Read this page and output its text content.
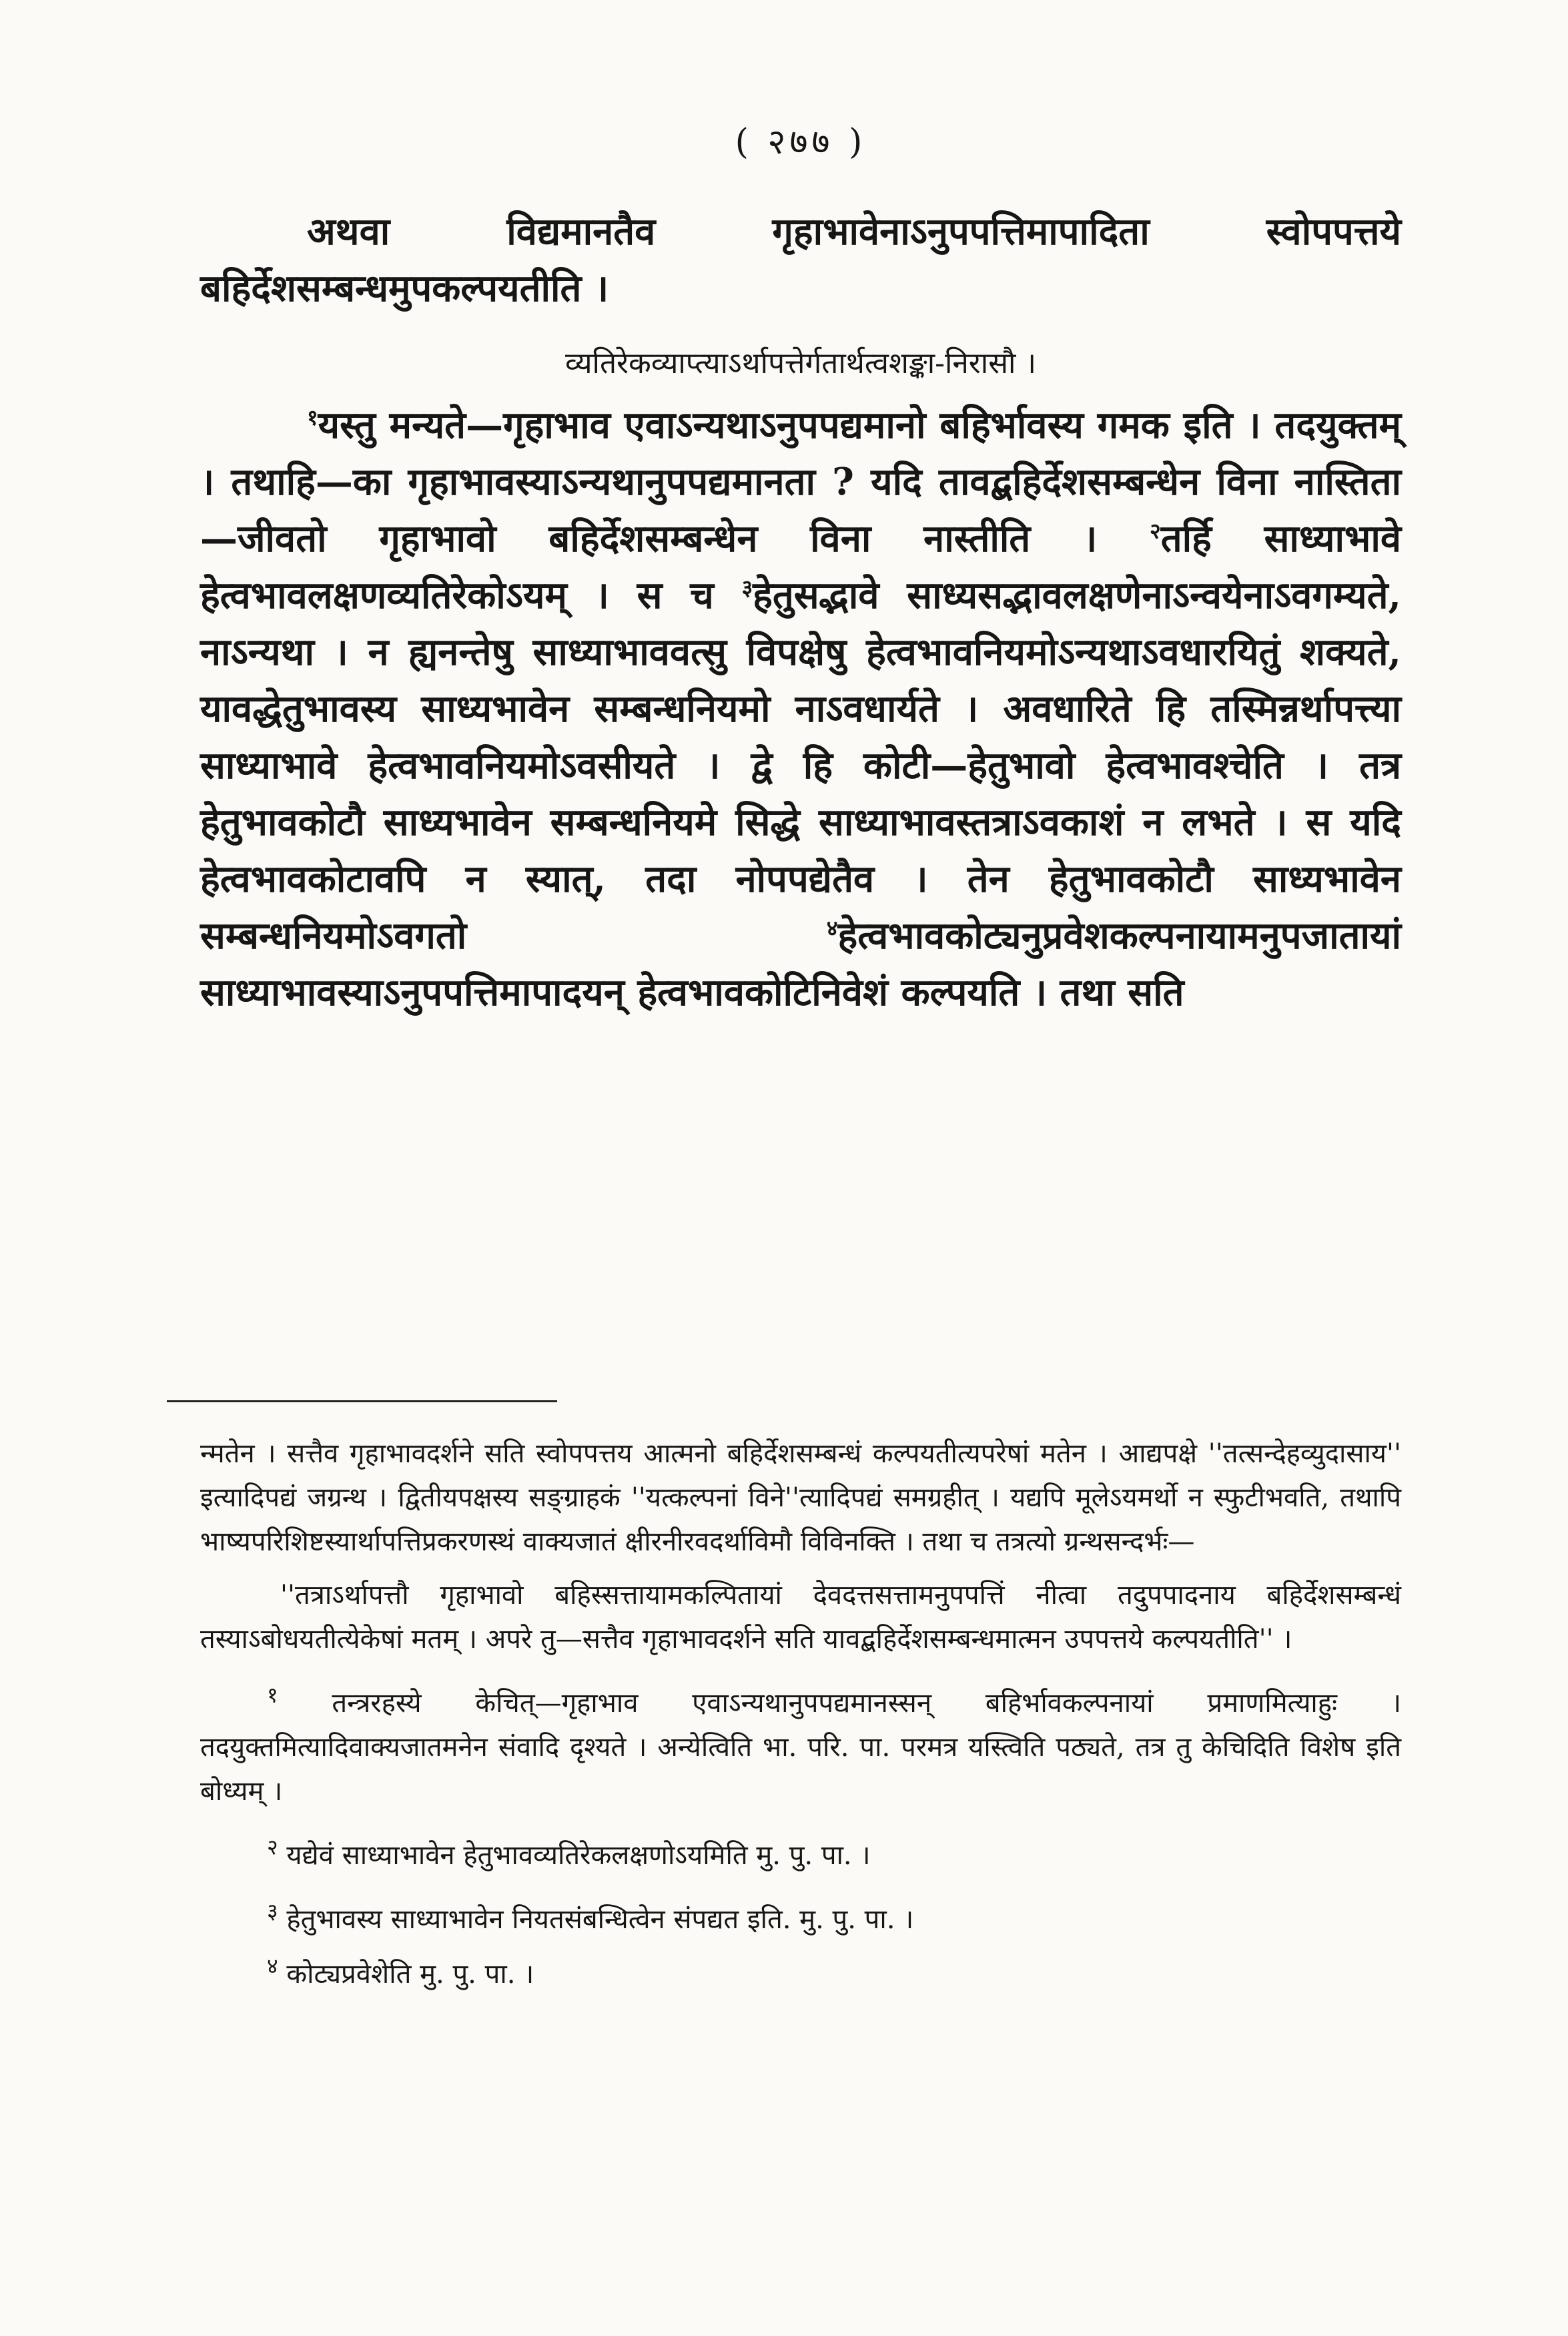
( २७७ )

अथवा विद्यमानतैव गृहाभावेनाऽनुपपत्तिमापादिता स्वोपपत्तये बहिर्देशसम्बन्धमुपकल्पयतीति ।

व्यतिरेकव्याप्त्याऽर्थापत्तेर्गतार्थत्वशङ्का-निरासौ ।

$^१$यस्तु मन्यते—गृहाभाव एवाऽन्यथाऽनुपपद्यमानो बहिर्भावस्य गमक इति । तदयुक्तम् । तथाहि—का गृहाभावस्याऽन्यथानुपपद्यमानता ? यदि तावद्बहिर्देशसम्बन्धेन विना नास्तिता—जीवतो गृहाभावो बहिर्देशसम्बन्धेन विना नास्तीति । $^२$तर्हि साध्याभावे हेत्वभावलक्षणव्यतिरेकोऽयम् । स च $^३$हेतुसद्भावे साध्यसद्भावलक्षणेनाऽन्वयेनाऽवगम्यते, नाऽन्यथा । न ह्यनन्तेषु साध्याभाववत्सु विपक्षेषु हेत्वभावनियमोऽन्यथाऽवधारयितुं शक्यते, यावद्धेतुभावस्य साध्यभावेन सम्बन्धनियमो नाऽवधार्यते । अवधारिते हि तस्मिन्नर्थापत्त्या साध्याभावे हेत्वभावनियमोऽवसीयते । द्वे हि कोटी—हेतुभावो हेत्वभावश्चेति । तत्र हेतुभावकोटौ साध्यभावेन सम्बन्धनियमे सिद्धे साध्याभावस्तत्राऽवकाशं न लभते । स यदि हेत्वभावकोटावपि न स्यात्, तदा नोपपद्येतैव । तेन हेतुभावकोटौ साध्यभावेन सम्बन्धनियमोऽवगतो	$^४$हेत्वभावकोट्यनुप्रवेशकल्पनायामनुपजातायां साध्याभावस्याऽनुपपत्तिमापादयन् हेत्वभावकोटिनिवेशं कल्पयति । तथा सति

न्मतेन । सत्तैव गृहाभावदर्शने सति स्वोपपत्तय आत्मनो बहिर्देशसम्बन्धं कल्पयतीत्यपरेषां मतेन । आद्यपक्षे ''तत्सन्देहव्युदासाय'' इत्यादिपद्यं जग्रन्थ । द्वितीयपक्षस्य सङ्ग्राहकं ''यत्कल्पनां विने''त्यादिपद्यं समग्रहीत् । यद्यपि मूलेऽयमर्थो न स्फुटीभवति, तथापि भाष्यपरिशिष्टस्यार्थापत्तिप्रकरणस्थं वाक्यजातं क्षीरनीरवदर्थाविमौ विविनक्ति । तथा च तत्रत्यो ग्रन्थसन्दर्भः—

''तत्राऽर्थापत्तौ गृहाभावो बहिस्सत्तायामकल्पितायां देवदत्तसत्तामनुपपत्तिं नीत्वा तदुपपादनाय बहिर्देशसम्बन्धं तस्याऽबोधयतीत्येकेषां मतम् । अपरे तु—सत्तैव गृहाभावदर्शने सति यावद्बहिर्देशसम्बन्धमात्मन उपपत्तये कल्पयतीति'' ।

$^१$ तन्त्ररहस्ये केचित्—गृहाभाव एवाऽन्यथानुपपद्यमानस्सन् बहिर्भावकल्पनायां प्रमाणमित्याहुः । तदयुक्तमित्यादिवाक्यजातमनेन संवादि दृश्यते । अन्येत्विति भा. परि. पा. परमत्र यस्त्विति पठ्यते, तत्र तु केचिदिति विशेष इति बोध्यम् ।

$^२$ यद्येवं साध्याभावेन हेतुभावव्यतिरेकलक्षणोऽयमिति मु. पु. पा. ।

$^३$ हेतुभावस्य साध्याभावेन नियतसंबन्धित्वेन संपद्यत इति. मु. पु. पा. ।

$^४$ कोट्यप्रवेशेति मु. पु. पा. ।
